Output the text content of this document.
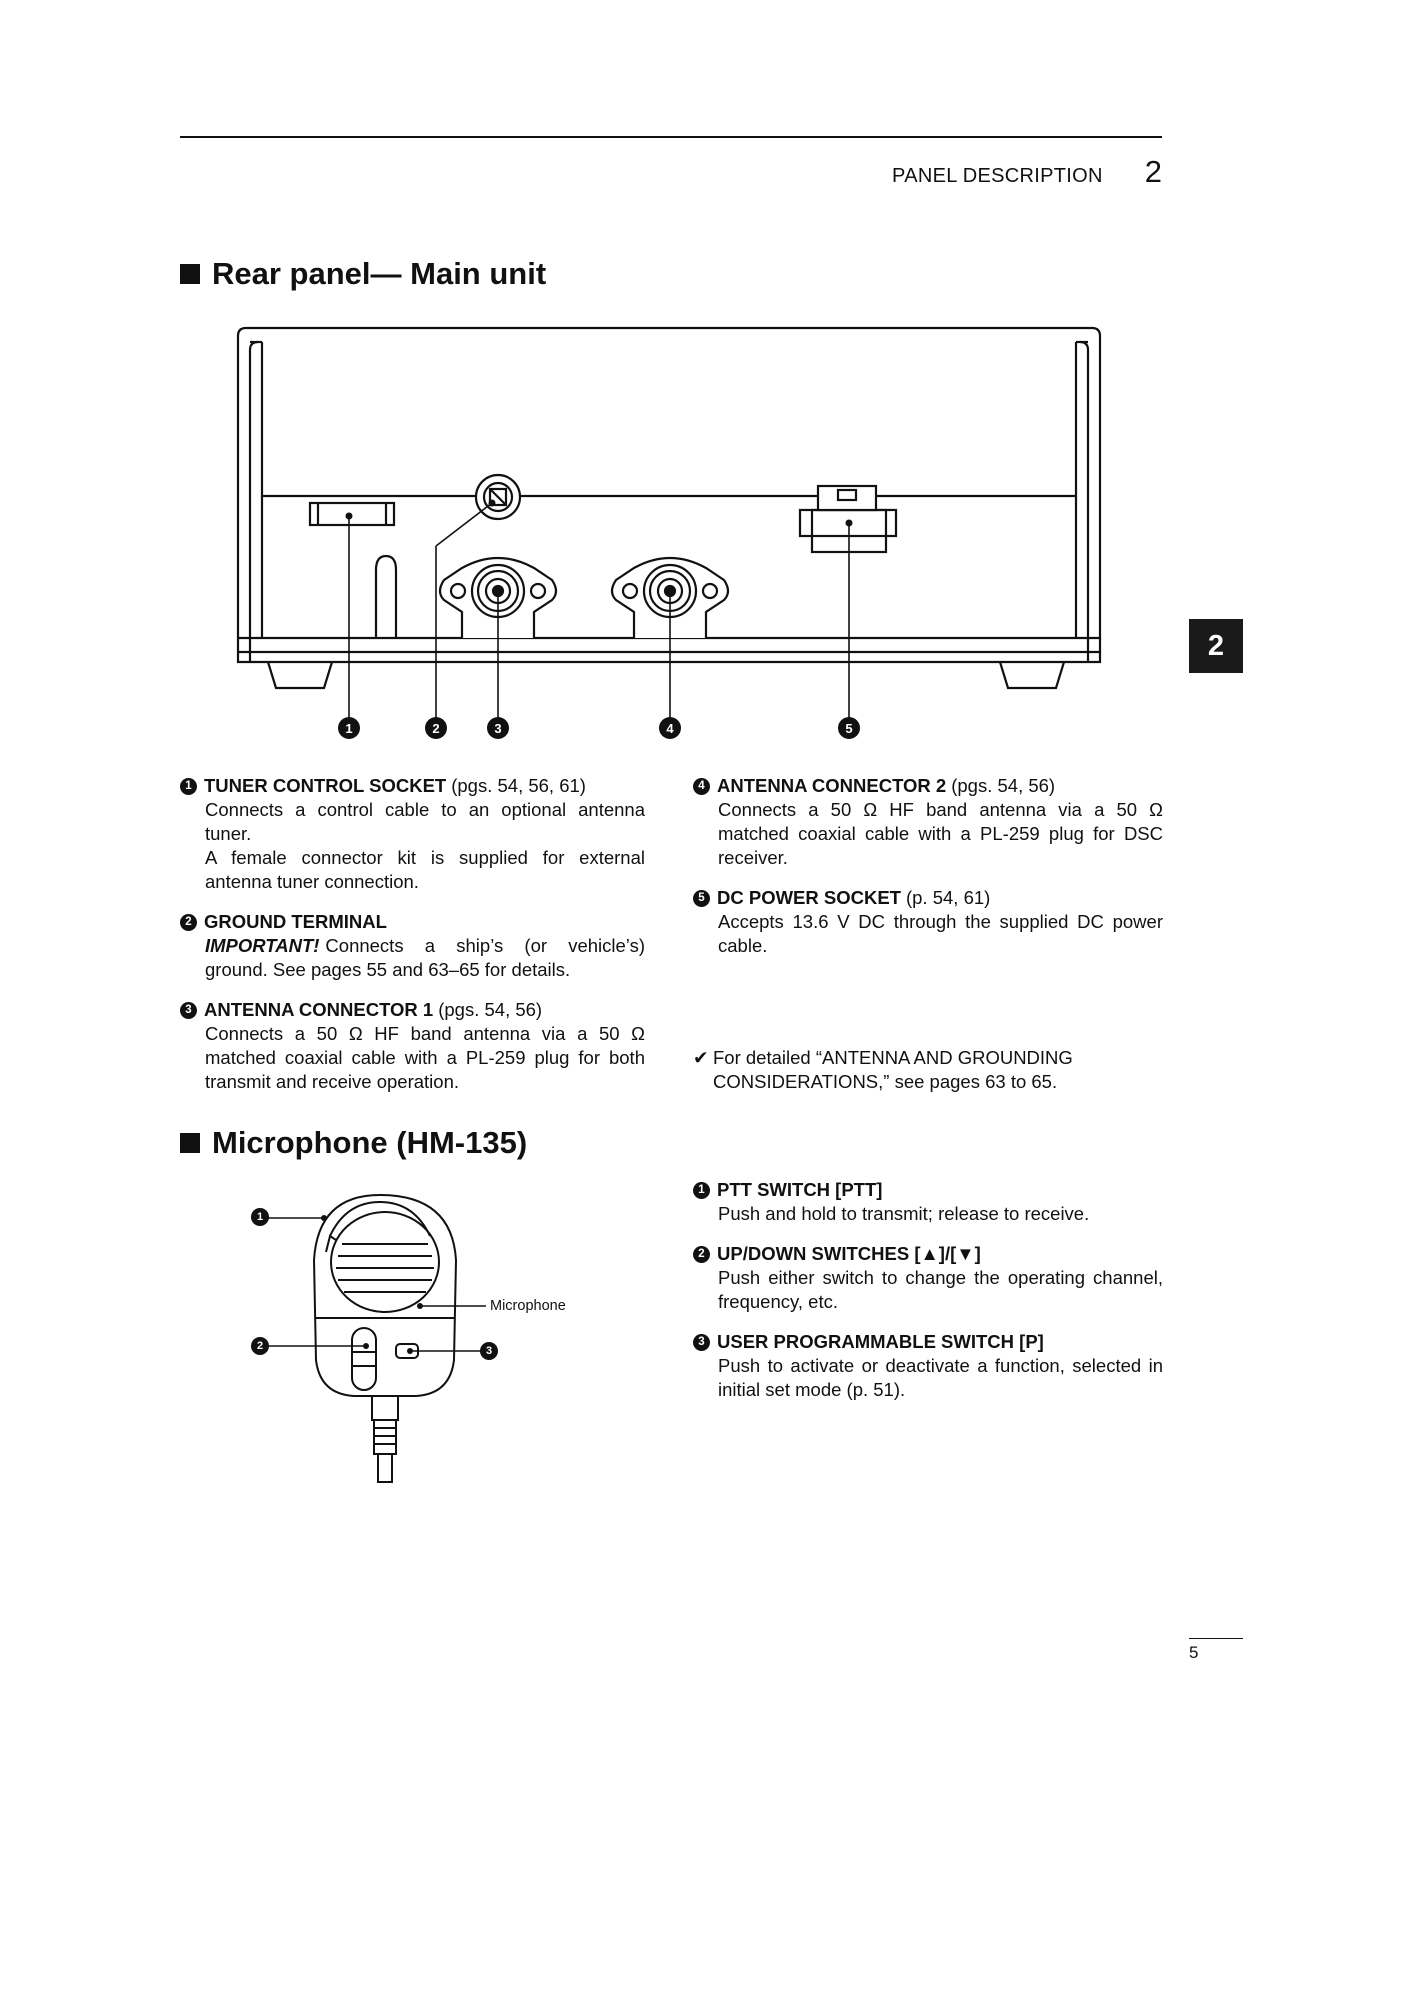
PANEL DESCRIPTION 2
Rear panel— Main unit
2
1	2	3	4	5
1 TUNER CONTROL SOCKET (pgs. 54, 56, 61)

Connects a control cable to an optional antenna tuner.

A female connector kit is supplied for external antenna tuner connection.

2 GROUND TERMINAL

IMPORTANT! Connects a ship’s (or vehicle’s) ground. See pages 55 and 63–65 for details.

3 ANTENNA CONNECTOR 1 (pgs. 54, 56)

Connects a 50 Ω HF band antenna via a 50 Ω matched coaxial cable with a PL-259 plug for both transmit and receive operation.

4 ANTENNA CONNECTOR 2 (pgs. 54, 56)

Connects a 50 Ω HF band antenna via a 50 Ω matched coaxial cable with a PL-259 plug for DSC receiver.

5 DC POWER SOCKET (p. 54, 61)

Accepts 13.6 V DC through the supplied DC power cable.

✔ For detailed “ANTENNA AND GROUNDING CONSIDERATIONS,” see pages 63 to 65.
Microphone (HM-135)
1
2	3
Microphone
1 PTT SWITCH [PTT]

Push and hold to transmit; release to receive.

2 UP/DOWN SWITCHES [▲]/[▼]

Push either switch to change the operating channel, frequency, etc.

3 USER PROGRAMMABLE SWITCH [P]

Push to activate or deactivate a function, selected in initial set mode (p. 51).

5
